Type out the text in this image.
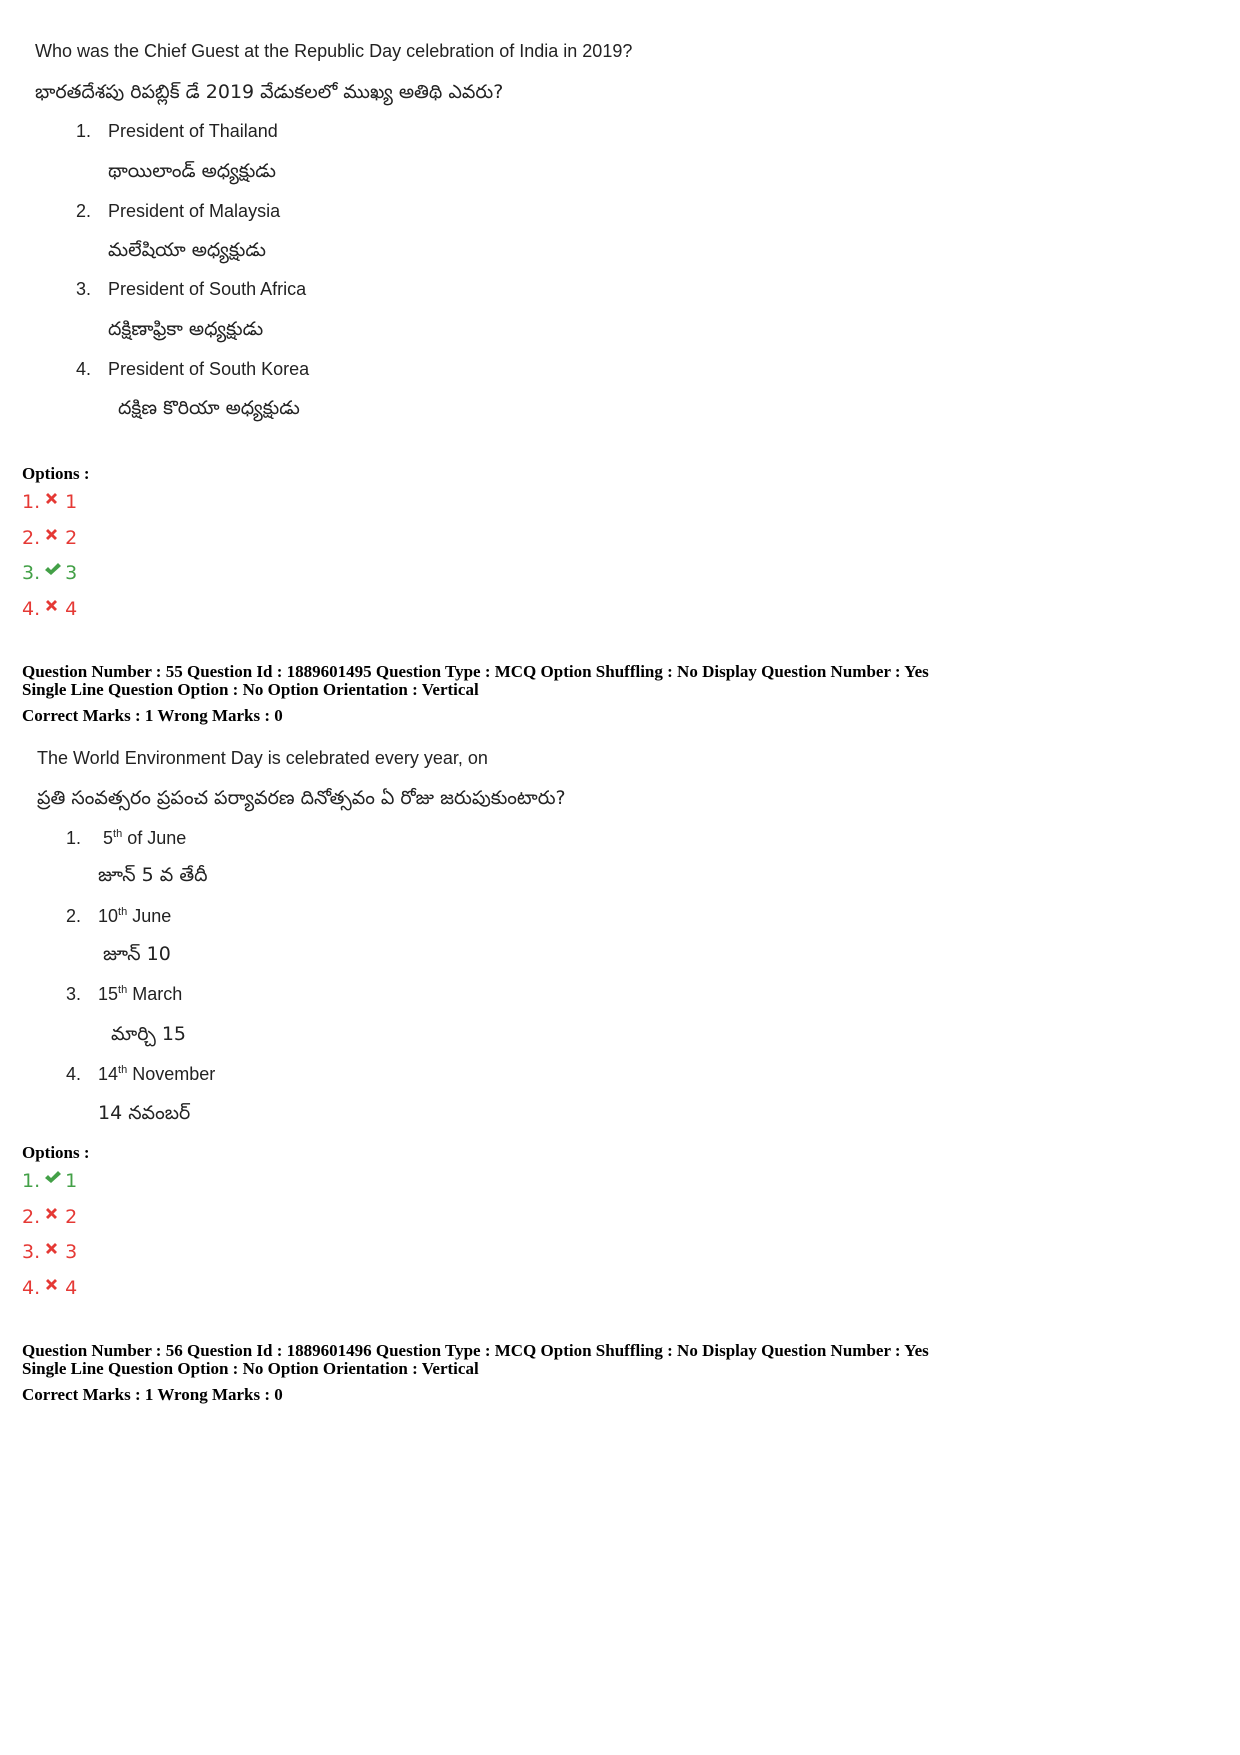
Who was the Chief Guest at the Republic Day celebration of India in 2019?
భారతదేశపు రిపబ్లిక్ డే 2019 వేడుకలలో ముఖ్య అతిథి ఎవరు?
1. President of Thailand
థాయిలాండ్ అధ్యక్షుడు
2. President of Malaysia
మలేషియా అధ్యక్షుడు
3. President of South Africa
దక్షిణాఫ్రికా అధ్యక్షుడు
4. President of South Korea
దక్షిణ కొరియా అధ్యక్షుడు
Options :
1. 1
2. 2
3. 3
4. 4
Question Number : 55 Question Id : 1889601495 Question Type : MCQ Option Shuffling : No Display Question Number : Yes
Single Line Question Option : No Option Orientation : Vertical
Correct Marks : 1 Wrong Marks : 0
The World Environment Day is celebrated every year, on
ప్రతి సంవత్సరం ప్రపంచ పర్యావరణ దినోత్సవం ఏ రోజు జరుపుకుంటారు?
1. 5th of June
జూన్ 5 వ తేదీ
2. 10th June
జూన్ 10
3. 15th March
మార్చి 15
4. 14th November
14 నవంబర్
Options :
1. 1
2. 2
3. 3
4. 4
Question Number : 56 Question Id : 1889601496 Question Type : MCQ Option Shuffling : No Display Question Number : Yes
Single Line Question Option : No Option Orientation : Vertical
Correct Marks : 1 Wrong Marks : 0
